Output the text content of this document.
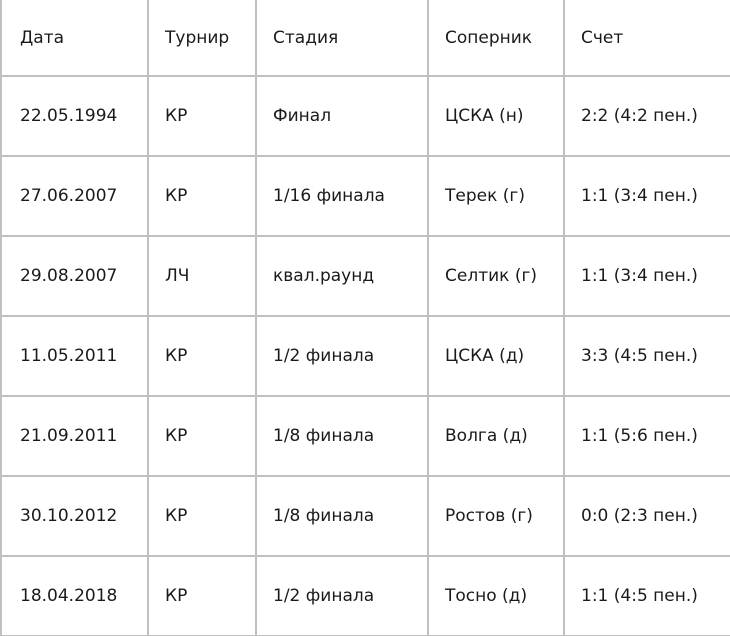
Дата	Турнир	Стадия	Соперник	Счет
22.05.1994	КР	Финал	ЦСКА (н)	2:2 (4:2 пен.)
27.06.2007	КР	1/16 финала	Терек (г)	1:1 (3:4 пен.)
29.08.2007	ЛЧ	квал.раунд	Селтик (г)	1:1 (3:4 пен.)
11.05.2011	КР	1/2 финала	ЦСКА (д)	3:3 (4:5 пен.)
21.09.2011	КР	1/8 финала	Волга (д)	1:1 (5:6 пен.)
30.10.2012	КР	1/8 финала	Ростов (г)	0:0 (2:3 пен.)
18.04.2018	КР	1/2 финала	Тосно (д)	1:1 (4:5 пен.)
